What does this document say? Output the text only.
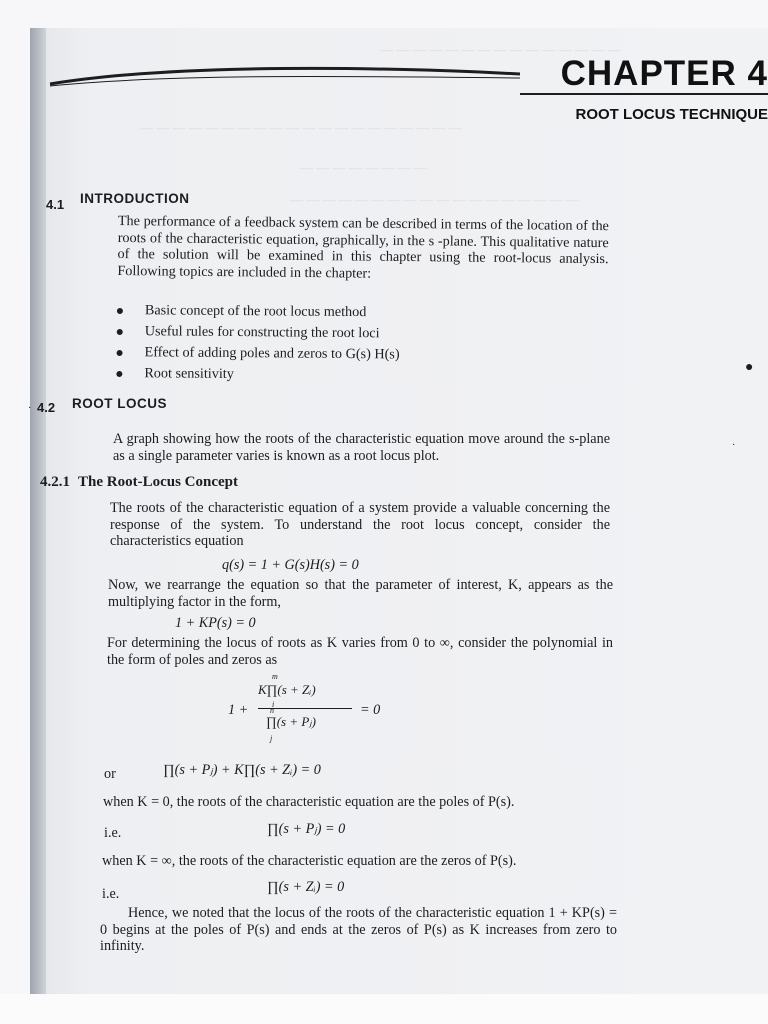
— — — — — — — — — — — — — — —
— — — — — — — — — — — — — — — — — — — —
— — — — — — — —
— — — — — — — — — — — — — — — — — —
CHAPTER 4
ROOT LOCUS TECHNIQUE
4.1 INTRODUCTION
The performance of a feedback system can be described in terms of the location of the roots of the characteristic equation, graphically, in the s -plane. This qualitative nature of the solution will be examined in this chapter using the root-locus analysis. Following topics are included in the chapter:
Basic concept of the root locus method
Useful rules for constructing the root loci
Effect of adding poles and zeros to G(s) H(s)
Root sensitivity
4.2 ROOT LOCUS
A graph showing how the roots of the characteristic equation move around the s-plane as a single parameter varies is known as a root locus plot.
4.2.1 The Root-Locus Concept
The roots of the characteristic equation of a system provide a valuable concerning the response of the system. To understand the root locus concept, consider the characteristics equation
q(s) = 1 + G(s)H(s) = 0
Now, we rearrange the equation so that the parameter of interest, K, appears as the multiplying factor in the form,
1 + KP(s) = 0
For determining the locus of roots as K varies from 0 to ∞, consider the polynomial in the form of poles and zeros as
1 +
K∏(s + Zᵢ)
∏(s + Pⱼ)
m
i
n
j
= 0
or	∏(s + Pⱼ) + K∏(s + Zᵢ) = 0
when K = 0, the roots of the characteristic equation are the poles of P(s).
i.e.	∏(s + Pⱼ) = 0
when K = ∞, the roots of the characteristic equation are the zeros of P(s).
i.e.	∏(s + Zᵢ) = 0
Hence, we noted that the locus of the roots of the characteristic equation 1 + KP(s) = 0 begins at the poles of P(s) and ends at the zeros of P(s) as K increases from zero to infinity.
●
·
·
